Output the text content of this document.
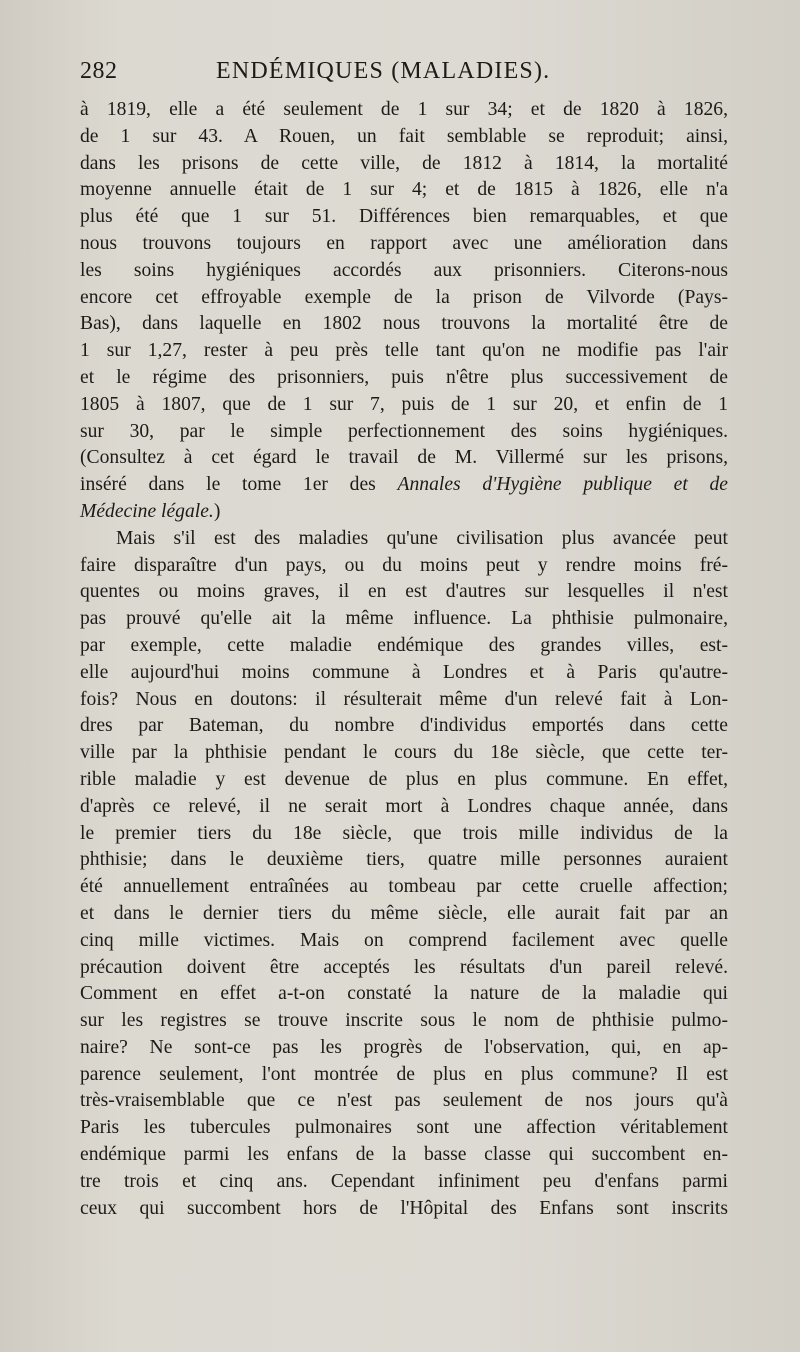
282	ENDÉMIQUES (MALADIES).
à 1819, elle a été seulement de 1 sur 34; et de 1820 à 1826,
de 1 sur 43. A Rouen, un fait semblable se reproduit; ainsi,
dans les prisons de cette ville, de 1812 à 1814, la mortalité
moyenne annuelle était de 1 sur 4; et de 1815 à 1826, elle n'a
plus été que 1 sur 51. Différences bien remarquables, et que
nous trouvons toujours en rapport avec une amélioration dans
les soins hygiéniques accordés aux prisonniers. Citerons-nous
encore cet effroyable exemple de la prison de Vilvorde (Pays-
Bas), dans laquelle en 1802 nous trouvons la mortalité être de
1 sur 1,27, rester à peu près telle tant qu'on ne modifie pas l'air
et le régime des prisonniers, puis n'être plus successivement de
1805 à 1807, que de 1 sur 7, puis de 1 sur 20, et enfin de 1
sur 30, par le simple perfectionnement des soins hygiéniques.
(Consultez à cet égard le travail de M. Villermé sur les prisons,
inséré dans le tome 1er des Annales d'Hygiène publique et de
Médecine légale.)
Mais s'il est des maladies qu'une civilisation plus avancée peut
faire disparaître d'un pays, ou du moins peut y rendre moins fré-
quentes ou moins graves, il en est d'autres sur lesquelles il n'est
pas prouvé qu'elle ait la même influence. La phthisie pulmonaire,
par exemple, cette maladie endémique des grandes villes, est-
elle aujourd'hui moins commune à Londres et à Paris qu'autre-
fois? Nous en doutons: il résulterait même d'un relevé fait à Lon-
dres par Bateman, du nombre d'individus emportés dans cette
ville par la phthisie pendant le cours du 18e siècle, que cette ter-
rible maladie y est devenue de plus en plus commune. En effet,
d'après ce relevé, il ne serait mort à Londres chaque année, dans
le premier tiers du 18e siècle, que trois mille individus de la
phthisie; dans le deuxième tiers, quatre mille personnes auraient
été annuellement entraînées au tombeau par cette cruelle affection;
et dans le dernier tiers du même siècle, elle aurait fait par an
cinq mille victimes. Mais on comprend facilement avec quelle
précaution doivent être acceptés les résultats d'un pareil relevé.
Comment en effet a-t-on constaté la nature de la maladie qui
sur les registres se trouve inscrite sous le nom de phthisie pulmo-
naire? Ne sont-ce pas les progrès de l'observation, qui, en ap-
parence seulement, l'ont montrée de plus en plus commune? Il est
très-vraisemblable que ce n'est pas seulement de nos jours qu'à
Paris les tubercules pulmonaires sont une affection véritablement
endémique parmi les enfans de la basse classe qui succombent en-
tre trois et cinq ans. Cependant infiniment peu d'enfans parmi
ceux qui succombent hors de l'Hôpital des Enfans sont inscrits
